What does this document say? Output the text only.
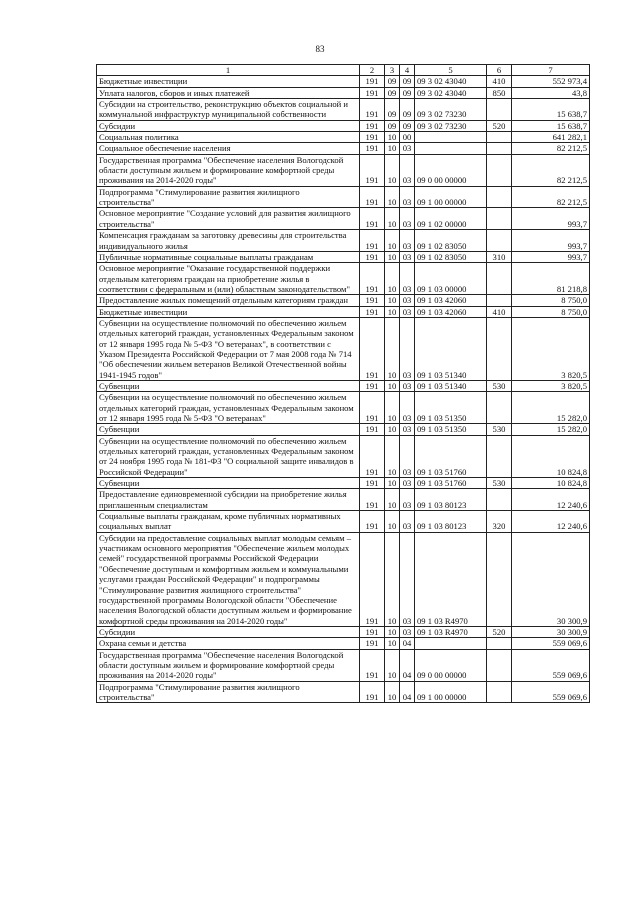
83
1	2	3	4	5	6	7
Бюджетные инвестиции	191	09	09	09 3 02 43040	410	552 973,4
Уплата налогов, сборов и иных платежей	191	09	09	09 3 02 43040	850	43,8
Субсидии на строительство, реконструкцию объектов социальной и коммунальной инфраструктур муниципальной собственности	191	09	09	09 3 02 73230		15 638,7
Субсидии	191	09	09	09 3 02 73230	520	15 638,7
Социальная политика	191	10	00			641 282,1
Социальное обеспечение населения	191	10	03			82 212,5
Государственная программа "Обеспечение населения Вологодской области доступным жильем и формирование комфортной среды проживания на 2014-2020 годы"	191	10	03	09 0 00 00000		82 212,5
Подпрограмма "Стимулирование развития жилищного строительства"	191	10	03	09 1 00 00000		82 212,5
Основное мероприятие "Создание условий для развития жилищного строительства"	191	10	03	09 1 02 00000		993,7
Компенсация гражданам за заготовку древесины для строительства индивидуального жилья	191	10	03	09 1 02 83050		993,7
Публичные нормативные социальные выплаты гражданам	191	10	03	09 1 02 83050	310	993,7
Основное мероприятие "Оказание государственной поддержки отдельным категориям граждан на приобретение жилья в соответствии с федеральным и (или) областным законодательством"	191	10	03	09 1 03 00000		81 218,8
Предоставление жилых помещений отдельным категориям граждан	191	10	03	09 1 03 42060		8 750,0
Бюджетные инвестиции	191	10	03	09 1 03 42060	410	8 750,0
Субвенции на осуществление полномочий по обеспечению жильем отдельных категорий граждан, установленных Федеральным законом от 12 января 1995 года № 5-ФЗ "О ветеранах", в соответствии с Указом Президента Российской Федерации от 7 мая 2008 года № 714 "Об обеспечении жильем ветеранов Великой Отечественной войны 1941-1945 годов"	191	10	03	09 1 03 51340		3 820,5
Субвенции	191	10	03	09 1 03 51340	530	3 820,5
Субвенции на осуществление полномочий по обеспечению жильем отдельных категорий граждан, установленных Федеральным законом от 12 января 1995 года № 5-ФЗ "О ветеранах"	191	10	03	09 1 03 51350		15 282,0
Субвенции	191	10	03	09 1 03 51350	530	15 282,0
Субвенции на осуществление полномочий по обеспечению жильем отдельных категорий граждан, установленных Федеральным законом от 24 ноября 1995 года № 181-ФЗ "О социальной защите инвалидов в Российской Федерации"	191	10	03	09 1 03 51760		10 824,8
Субвенции	191	10	03	09 1 03 51760	530	10 824,8
Предоставление единовременной субсидии на приобретение жилья приглашенным специалистам	191	10	03	09 1 03 80123		12 240,6
Социальные выплаты гражданам, кроме публичных нормативных социальных выплат	191	10	03	09 1 03 80123	320	12 240,6
Субсидии на предоставление социальных выплат молодым семьям – участникам основного мероприятия "Обеспечение жильем молодых семей" государственной программы Российской Федерации "Обеспечение доступным и комфортным жильем и коммунальными услугами граждан Российской Федерации" и подпрограммы "Стимулирование развития жилищного строительства" государственной программы Вологодской области "Обеспечение населения Вологодской области доступным жильем и формирование комфортной среды проживания на 2014-2020 годы"	191	10	03	09 1 03 R4970		30 300,9
Субсидии	191	10	03	09 1 03 R4970	520	30 300,9
Охрана семьи и детства	191	10	04			559 069,6
Государственная программа "Обеспечение населения Вологодской области доступным жильем и формирование комфортной среды проживания на 2014-2020 годы"	191	10	04	09 0 00 00000		559 069,6
Подпрограмма "Стимулирование развития жилищного строительства"	191	10	04	09 1 00 00000		559 069,6
